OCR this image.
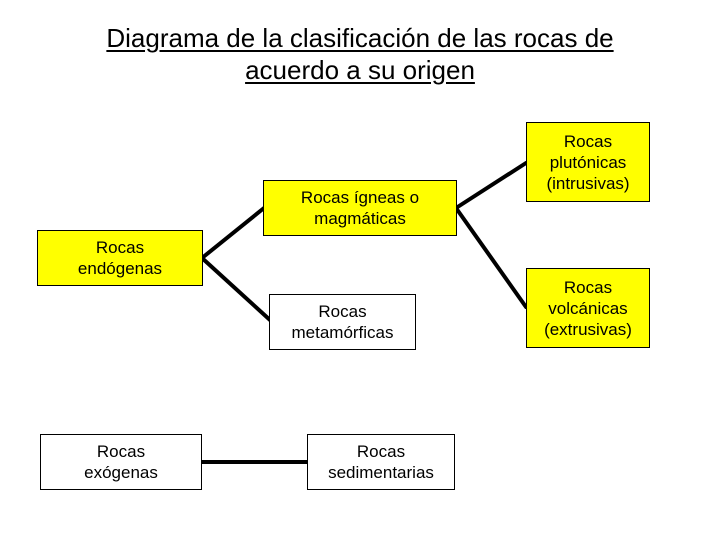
Diagrama de la clasificación de las rocas de acuerdo a su origen
Rocas
endógenas
Rocas
exógenas
Rocas ígneas o
magmáticas
Rocas
metamórficas
Rocas
sedimentarias
Rocas
plutónicas
(intrusivas)
Rocas
volcánicas
(extrusivas)
